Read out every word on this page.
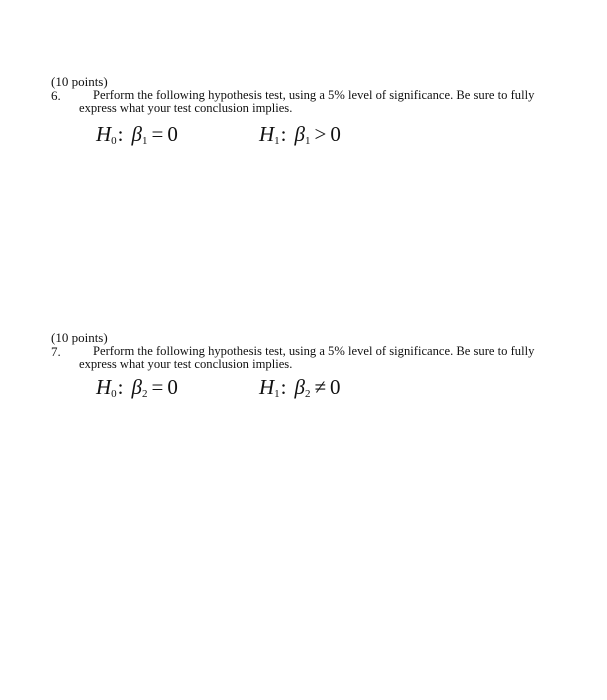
(10 points)
6.	Perform the following hypothesis test, using a 5% level of significance. Be sure to fully express what your test conclusion implies.
$H_0$: $\beta_1 = 0$	$H_1$: $\beta_1 > 0$
(10 points)
7.	Perform the following hypothesis test, using a 5% level of significance. Be sure to fully express what your test conclusion implies.
$H_0$: $\beta_2 = 0$	$H_1$: $\beta_2 \ne 0$
